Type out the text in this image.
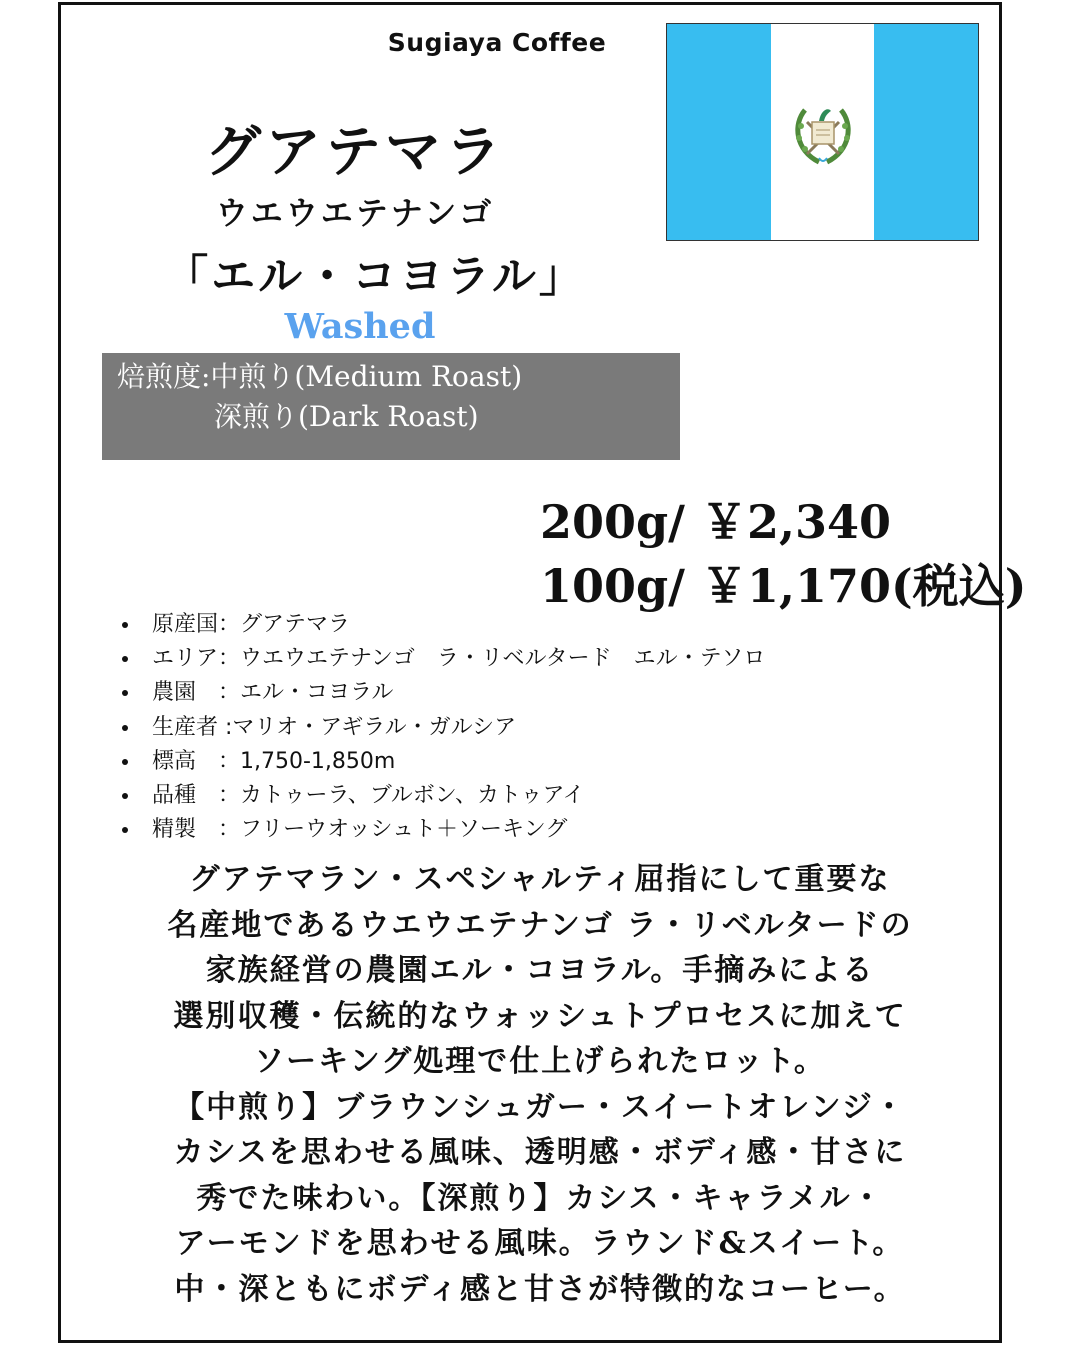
Sugiaya Coffee
グアテマラ
ウエウエテナンゴ
「エル・コヨラル」
Washed
焙煎度:中煎り(Medium Roast)
深煎り(Dark Roast)
200g/ ￥2,340
100g/ ￥1,170(税込)
原産国：グアテマラ
エリア：ウエウエテナンゴ　ラ・リベルタード　エル・テソロ
農園　：エル・コヨラル
生産者 :マリオ・アギラル・ガルシア
標高　：1,750-1,850m
品種　：カトゥーラ、ブルボン、カトゥアイ
精製　：フリーウオッシュト＋ソーキング
グアテマラン・スペシャルティ屈指にして重要な
名産地であるウエウエテナンゴ ラ・リベルタードの
家族経営の農園エル・コヨラル。手摘みによる
選別収穫・伝統的なウォッシュトプロセスに加えて
ソーキング処理で仕上げられたロット。
【中煎り】ブラウンシュガー・スイートオレンジ・
カシスを思わせる風味、透明感・ボディ感・甘さに
秀でた味わい。【深煎り】カシス・キャラメル・
アーモンドを思わせる風味。ラウンド&スイート。
中・深ともにボディ感と甘さが特徴的なコーヒー。
